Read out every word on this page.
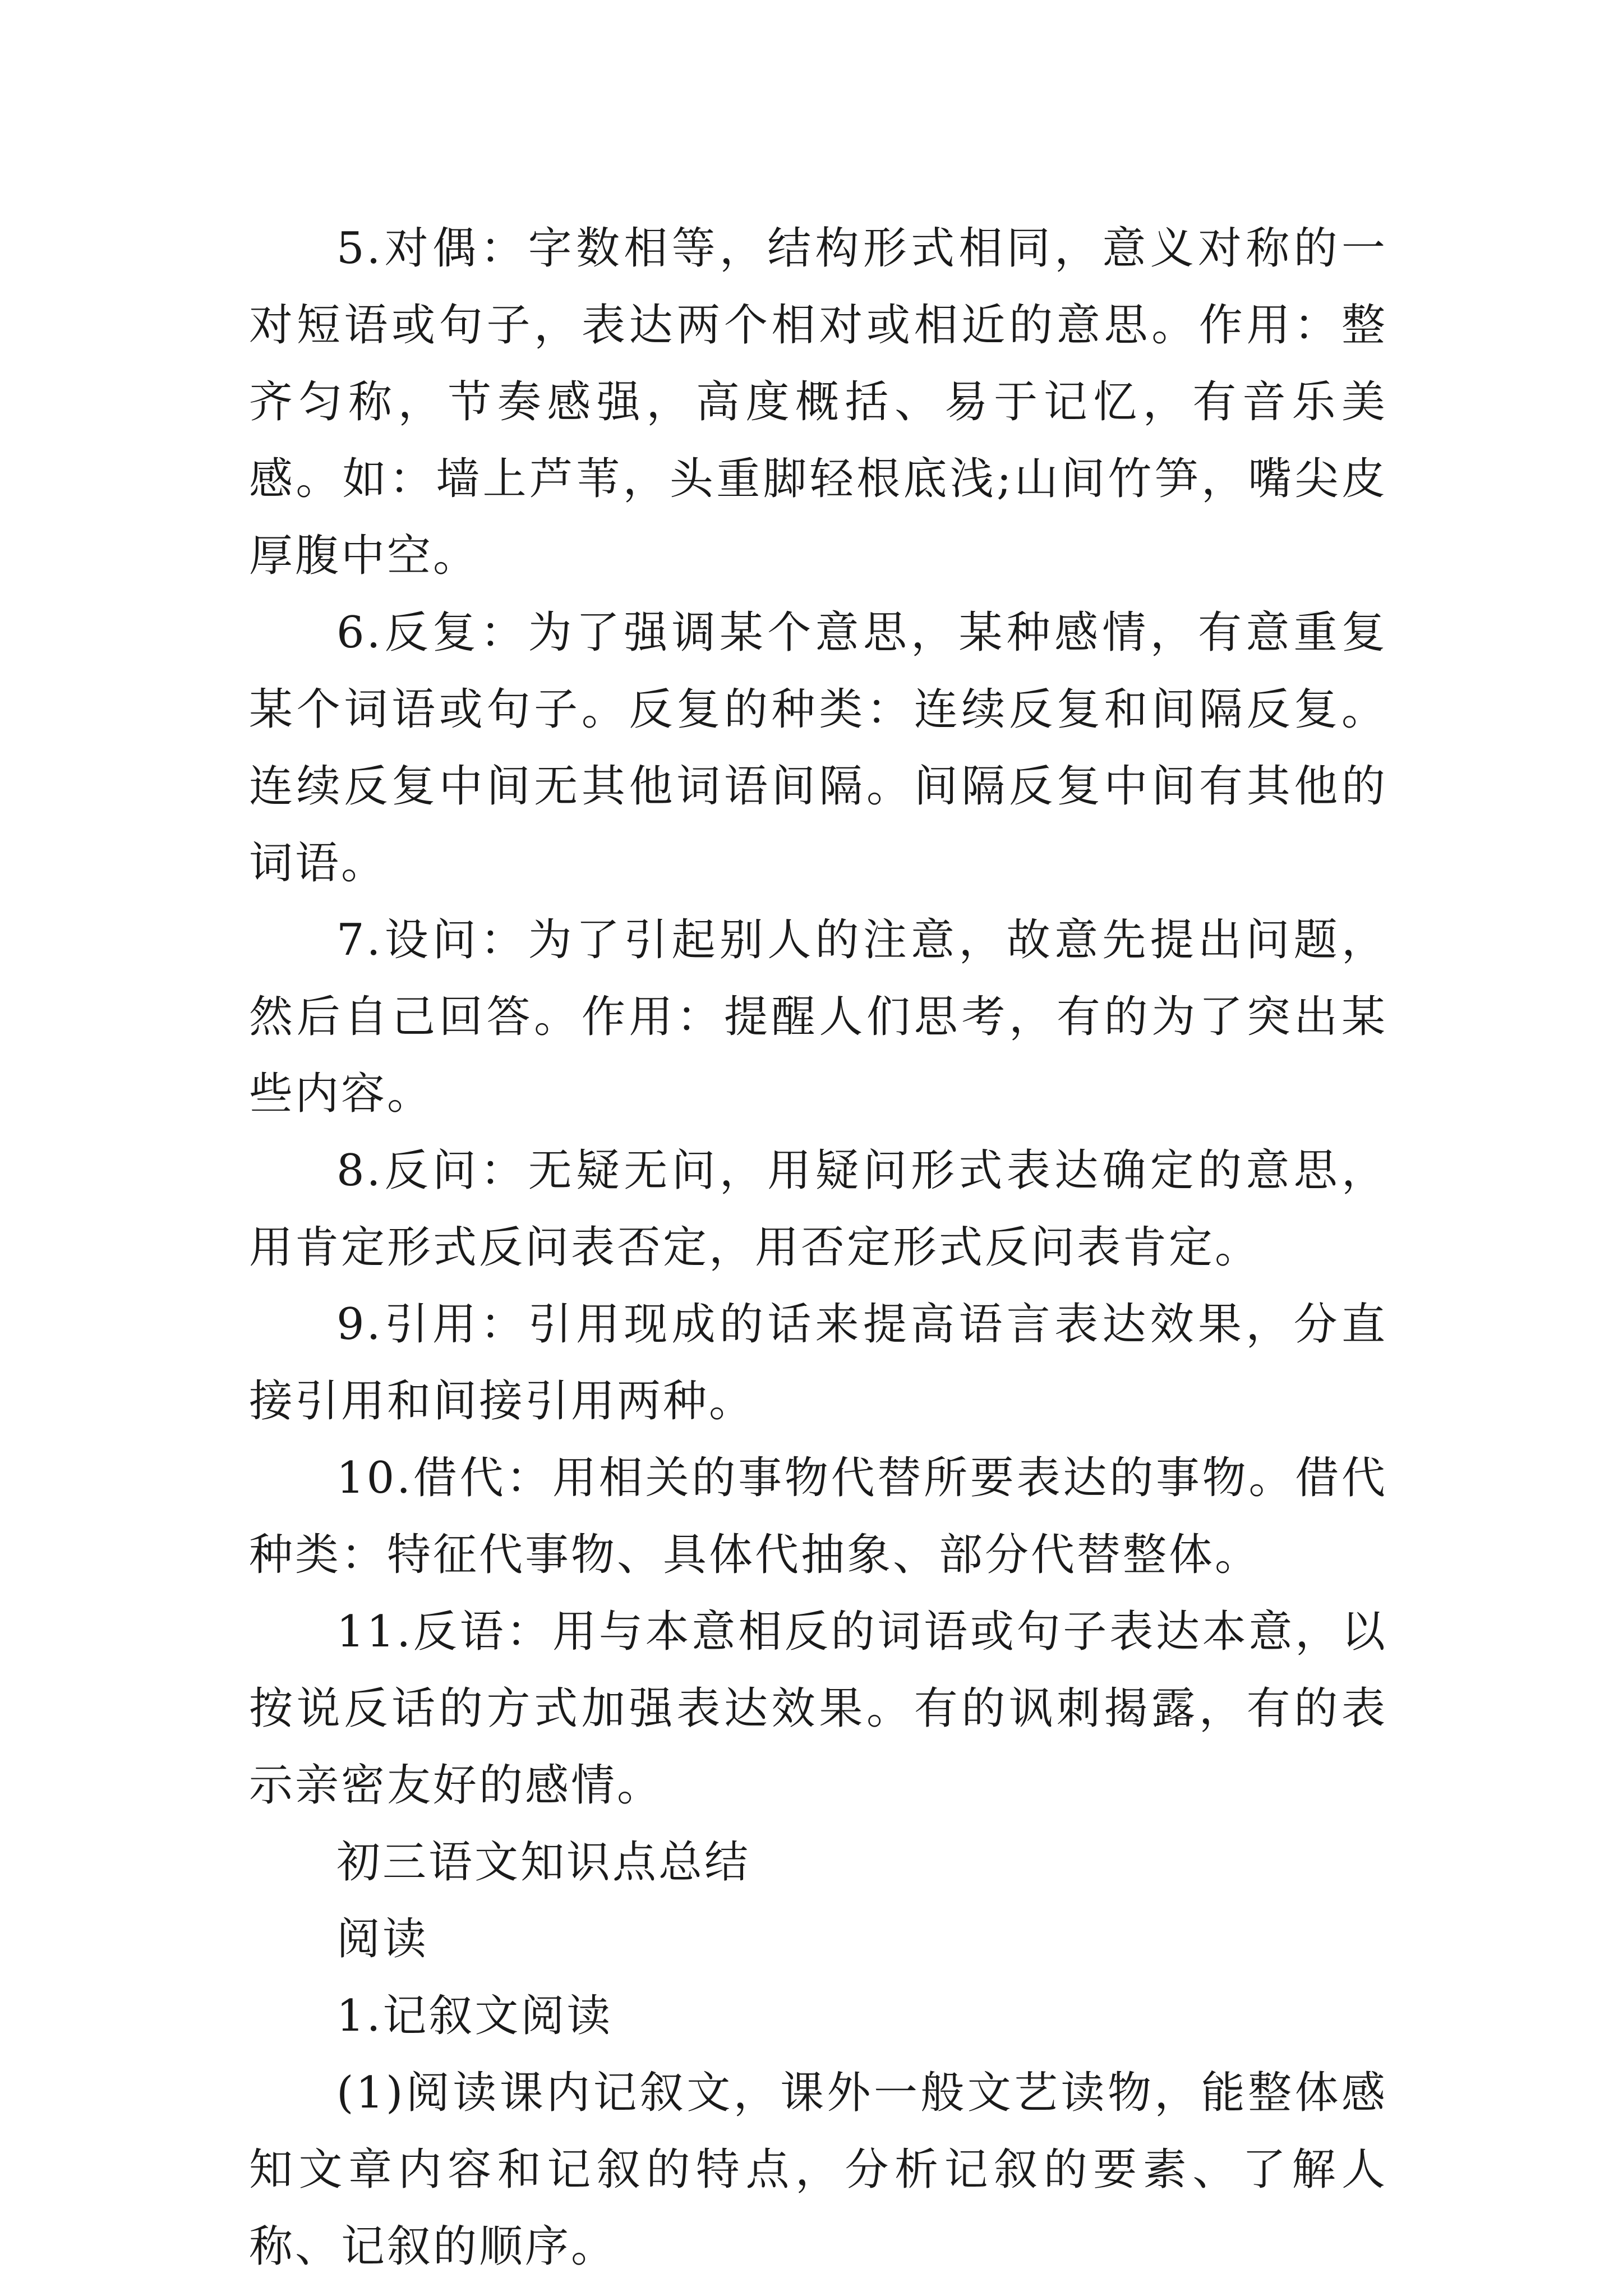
5.对偶：字数相等，结构形式相同，意义对称的一对短语或句子，表达两个相对或相近的意思。作用：整齐匀称，节奏感强，高度概括、易于记忆，有音乐美感。如：墙上芦苇，头重脚轻根底浅;山间竹笋，嘴尖皮厚腹中空。

6.反复：为了强调某个意思，某种感情，有意重复某个词语或句子。反复的种类：连续反复和间隔反复。连续反复中间无其他词语间隔。间隔反复中间有其他的词语。

7.设问：为了引起别人的注意，故意先提出问题，然后自己回答。作用：提醒人们思考，有的为了突出某些内容。

8.反问：无疑无问，用疑问形式表达确定的意思，用肯定形式反问表否定，用否定形式反问表肯定。

9.引用：引用现成的话来提高语言表达效果，分直接引用和间接引用两种。

10.借代：用相关的事物代替所要表达的事物。借代种类：特征代事物、具体代抽象、部分代替整体。

11.反语：用与本意相反的词语或句子表达本意，以按说反话的方式加强表达效果。有的讽刺揭露，有的表示亲密友好的感情。

初三语文知识点总结

阅读

1.记叙文阅读

(1)阅读课内记叙文，课外一般文艺读物，能整体感知文章内容和记叙的特点，分析记叙的要素、了解人称、记叙的顺序。
